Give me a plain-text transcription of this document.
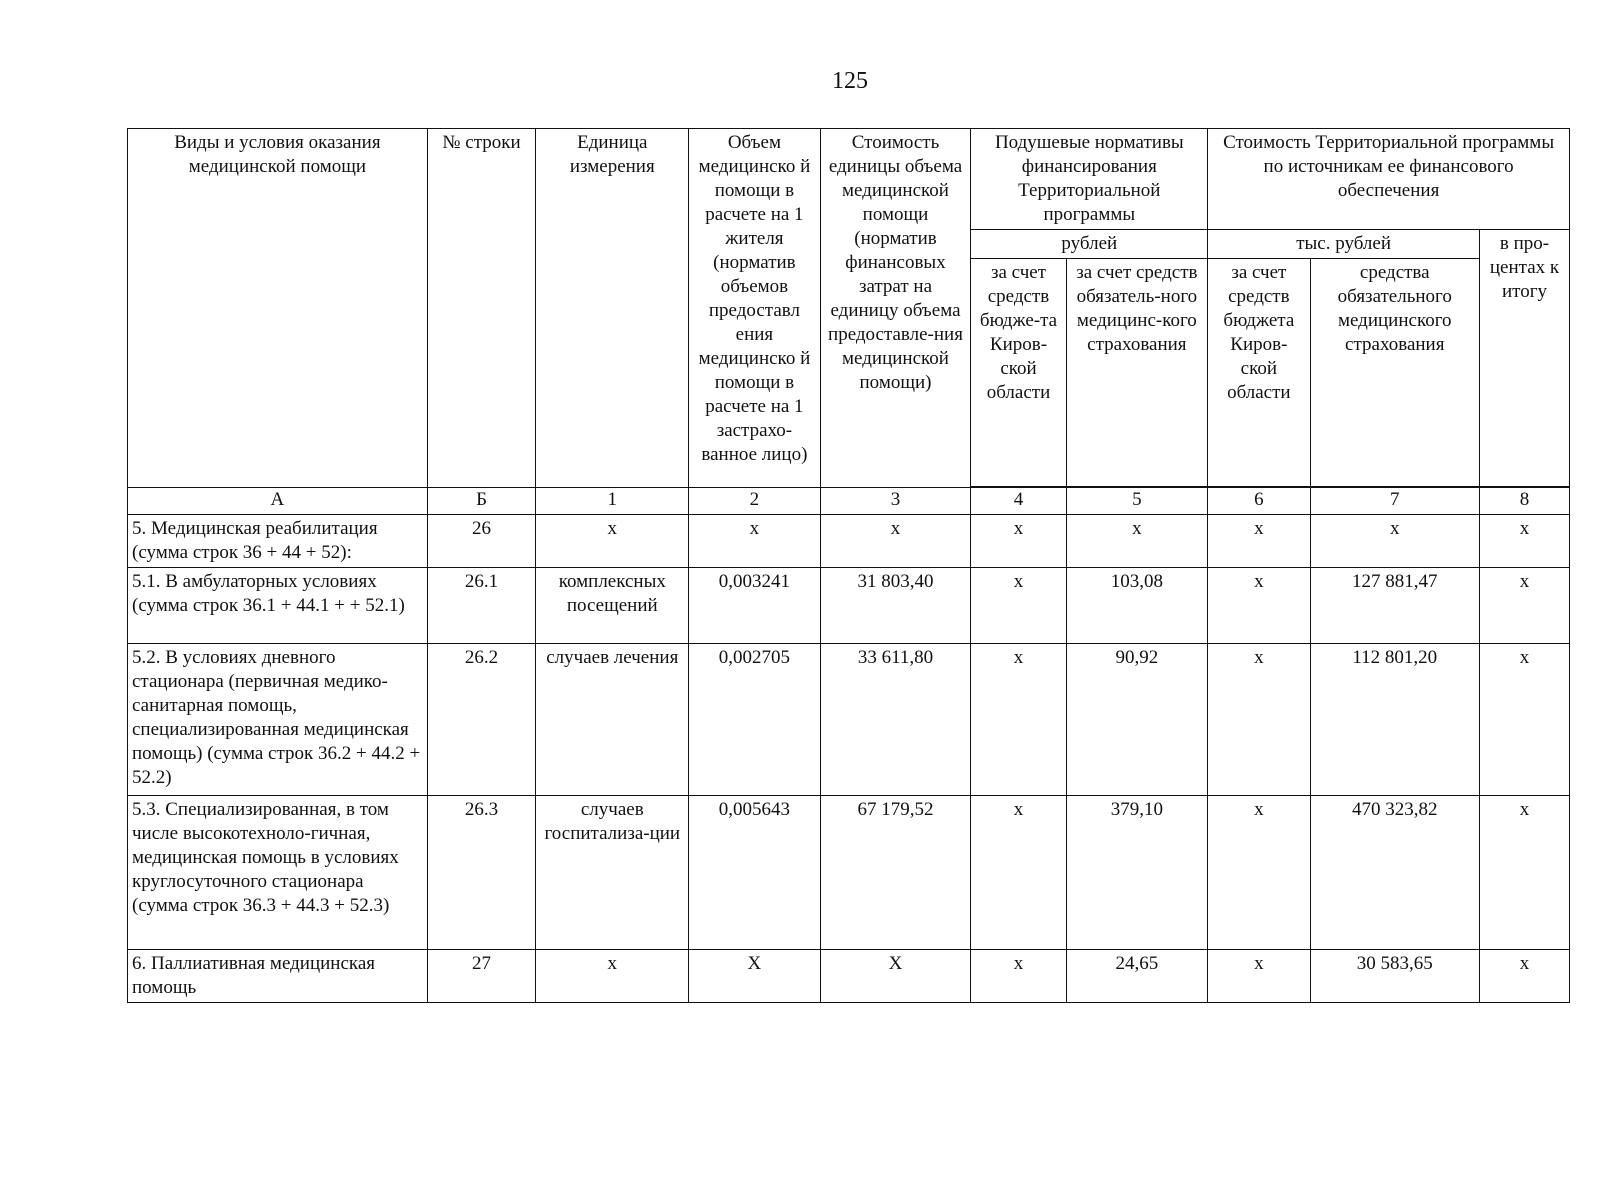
125
Виды и условия оказания медицинской помощи	№ строки	Единица измерения	Объем медицинско й помощи в расчете на 1 жителя (норматив объемов предоставл ения медицинско й помощи в расчете на 1 застрахо-ванное лицо)	Стоимость единицы объема медицинской помощи (норматив финансовых затрат на единицу объема предоставле-ния медицинской помощи)	Подушевые нормативы финансирования Территориальной программы		Стоимость Территориальной программы по источникам ее финансового обеспечения		
					рублей		тыс. рублей		в про-центах к итогу
					за счет средств бюдже-та Киров-ской области	за счет средств обязатель-ного медицинс-кого страхования	за счет средств бюджета Киров-ской области	средства обязательного медицинского страхования	

А	Б	1	2	3	4	5	6	7	8
5. Медицинская реабилитация (сумма строк 36 + 44 + 52):	26	х	х	х	х	х	х	х	х
5.1. В амбулаторных условиях (сумма строк 36.1 + 44.1 + + 52.1)	26.1	комплексных посещений	0,003241	31 803,40	х	103,08	х	127 881,47	х
5.2. В условиях дневного стационара (первичная медико-санитарная помощь, специализированная медицинская помощь) (сумма строк 36.2 + 44.2 + 52.2)	26.2	случаев лечения	0,002705	33 611,80	х	90,92	х	112 801,20	х
5.3. Специализированная, в том числе высокотехноло-гичная, медицинская помощь в условиях круглосуточного стационара (сумма строк 36.3 + 44.3 + 52.3)	26.3	случаев госпитализа-ции	0,005643	67 179,52	х	379,10	х	470 323,82	х
6. Паллиативная медицинская помощь	27	х	Х	Х	х	24,65	х	30 583,65	х
